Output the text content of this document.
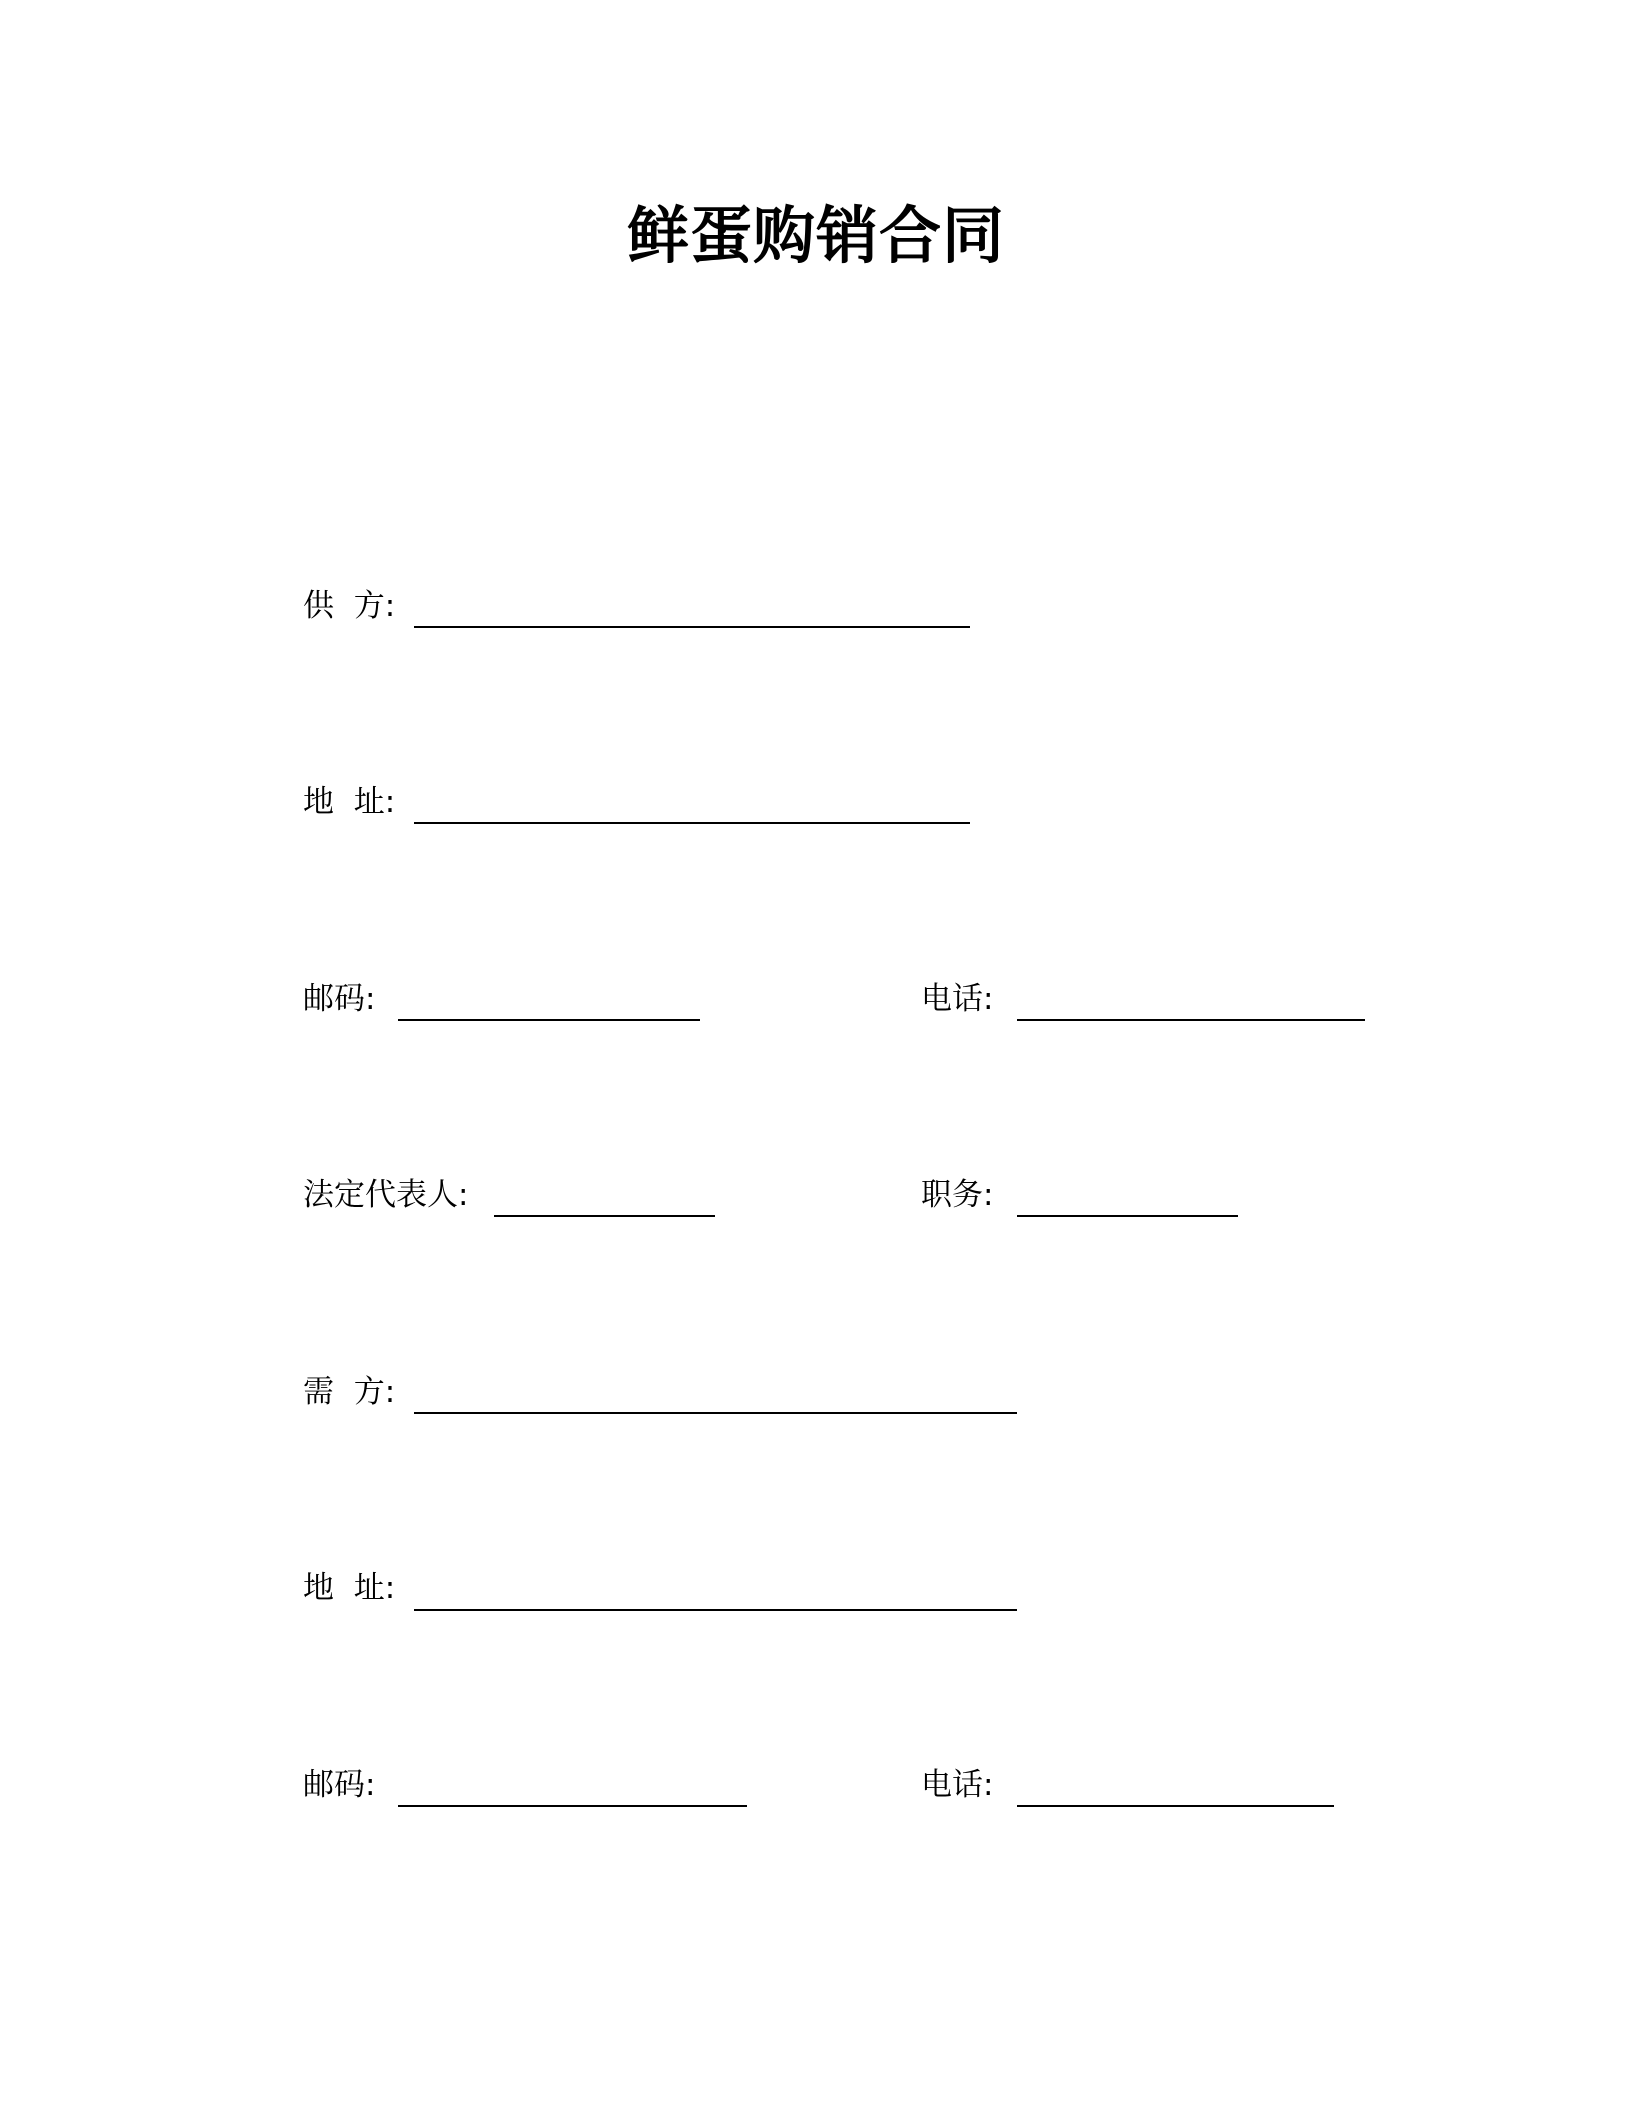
鲜蛋购销合同
供  方:
地  址:
邮码:	电话:
法定代表人:	职务:
需  方:
地  址:
邮码:	电话:
